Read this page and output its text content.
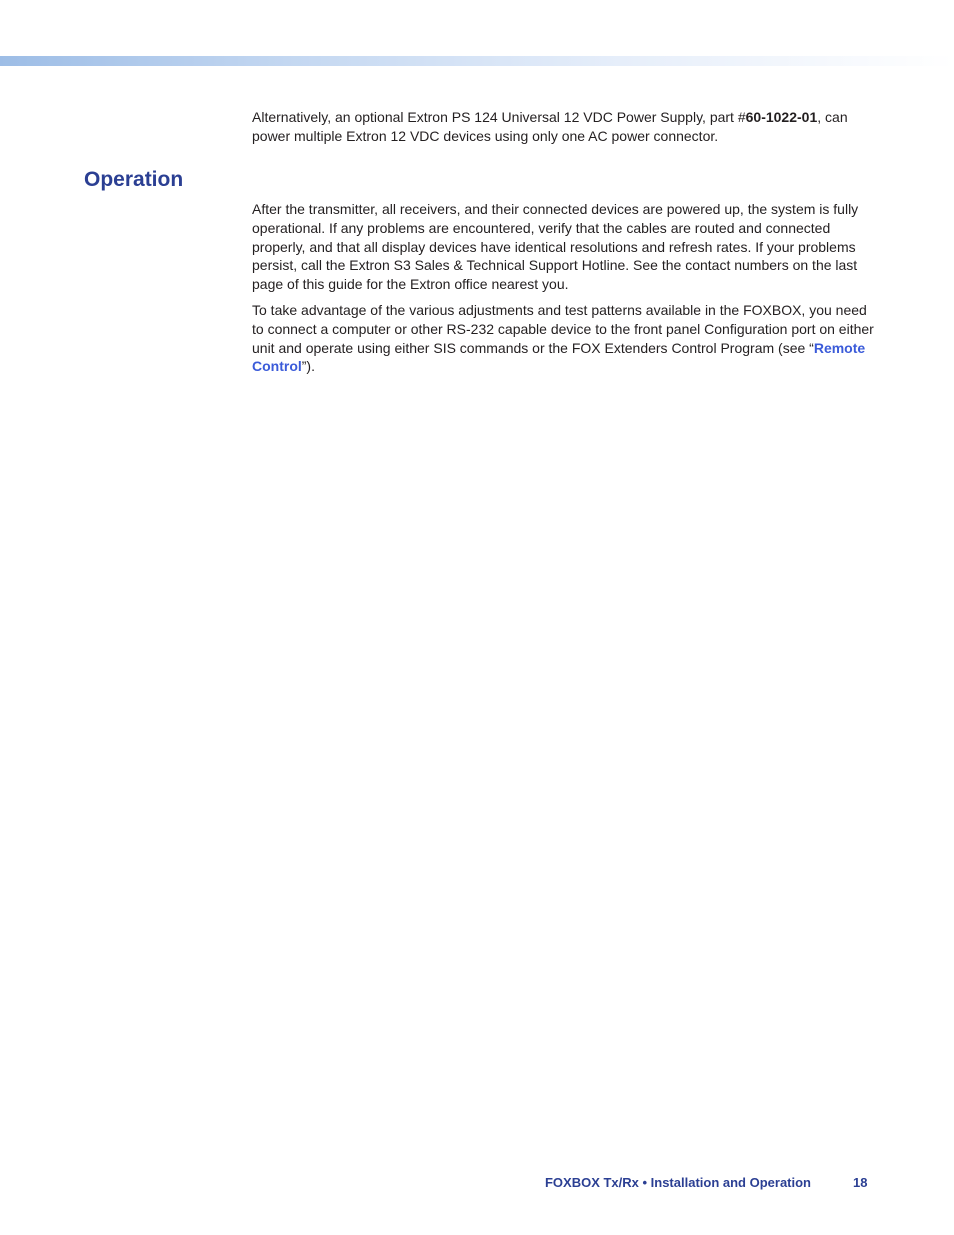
Alternatively, an optional Extron PS 124 Universal 12 VDC Power Supply, part #60-1022-01, can power multiple Extron 12 VDC devices using only one AC power connector.

Operation

After the transmitter, all receivers, and their connected devices are powered up, the system is fully operational. If any problems are encountered, verify that the cables are routed and connected properly, and that all display devices have identical resolutions and refresh rates. If your problems persist, call the Extron S3 Sales & Technical Support Hotline. See the contact numbers on the last page of this guide for the Extron office nearest you.

To take advantage of the various adjustments and test patterns available in the FOXBOX, you need to connect a computer or other RS-232 capable device to the front panel Configuration port on either unit and operate using either SIS commands or the FOX Extenders Control Program (see “Remote Control”).

FOXBOX Tx/Rx • Installation and Operation	18
